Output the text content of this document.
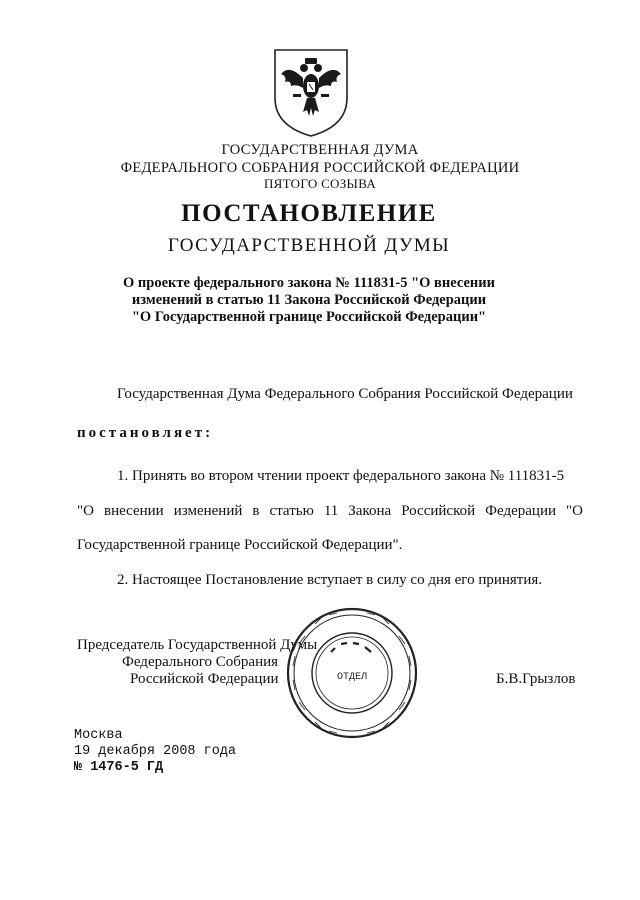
ГОСУДАРСТВЕННАЯ ДУМА
ФЕДЕРАЛЬНОГО СОБРАНИЯ РОССИЙСКОЙ ФЕДЕРАЦИИ
ПЯТОГО СОЗЫВА
ПОСТАНОВЛЕНИЕ
ГОСУДАРСТВЕННОЙ ДУМЫ
О проекте федерального закона № 111831-5 "О внесении
изменений в статью 11 Закона Российской Федерации
"О Государственной границе Российской Федерации"
Государственная Дума Федерального Собрания Российской Федерации
постановляет:
1. Принять во втором чтении проект федерального закона № 111831-5
"О внесении изменений в статью 11 Закона Российской Федерации "О
Государственной границе Российской Федерации".
2. Настоящее Постановление вступает в силу со дня его принятия.
Председатель Государственной Думы
Федерального Собрания
Российской Федерации	Б.В.Грызлов
ОТДЕЛ
Москва
19 декабря 2008 года
№ 1476-5 ГД
